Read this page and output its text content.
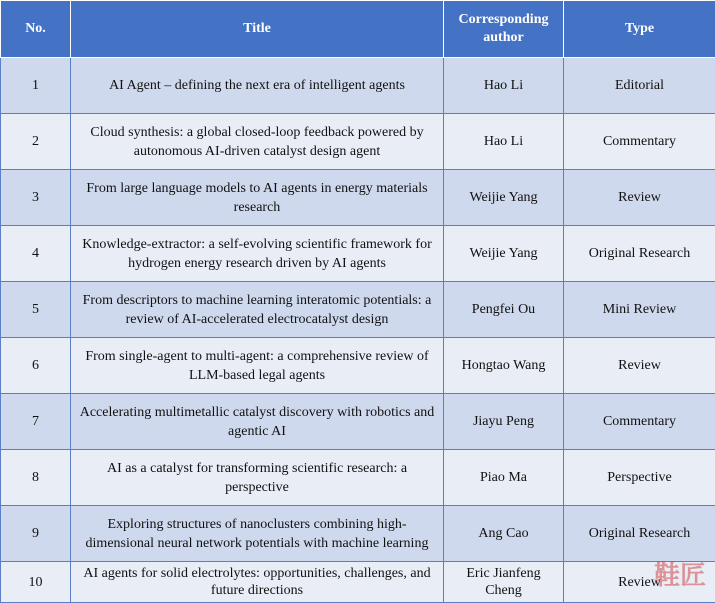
No.	Title	Corresponding author	Type
1	AI Agent – defining the next era of intelligent agents	Hao Li	Editorial
2	Cloud synthesis: a global closed-loop feedback powered by autonomous AI-driven catalyst design agent	Hao Li	Commentary
3	From large language models to AI agents in energy materials research	Weijie Yang	Review
4	Knowledge-extractor: a self-evolving scientific framework for hydrogen energy research driven by AI agents	Weijie Yang	Original Research
5	From descriptors to machine learning interatomic potentials: a review of AI-accelerated electrocatalyst design	Pengfei Ou	Mini Review
6	From single-agent to multi-agent: a comprehensive review of LLM-based legal agents	Hongtao Wang	Review
7	Accelerating multimetallic catalyst discovery with robotics and agentic AI	Jiayu Peng	Commentary
8	AI as a catalyst for transforming scientific research: a perspective	Piao Ma	Perspective
9	Exploring structures of nanoclusters combining high-dimensional neural network potentials with machine learning	Ang Cao	Original Research
10	AI agents for solid electrolytes: opportunities, challenges, and future directions	Eric Jianfeng Cheng	Review
鞋匠
